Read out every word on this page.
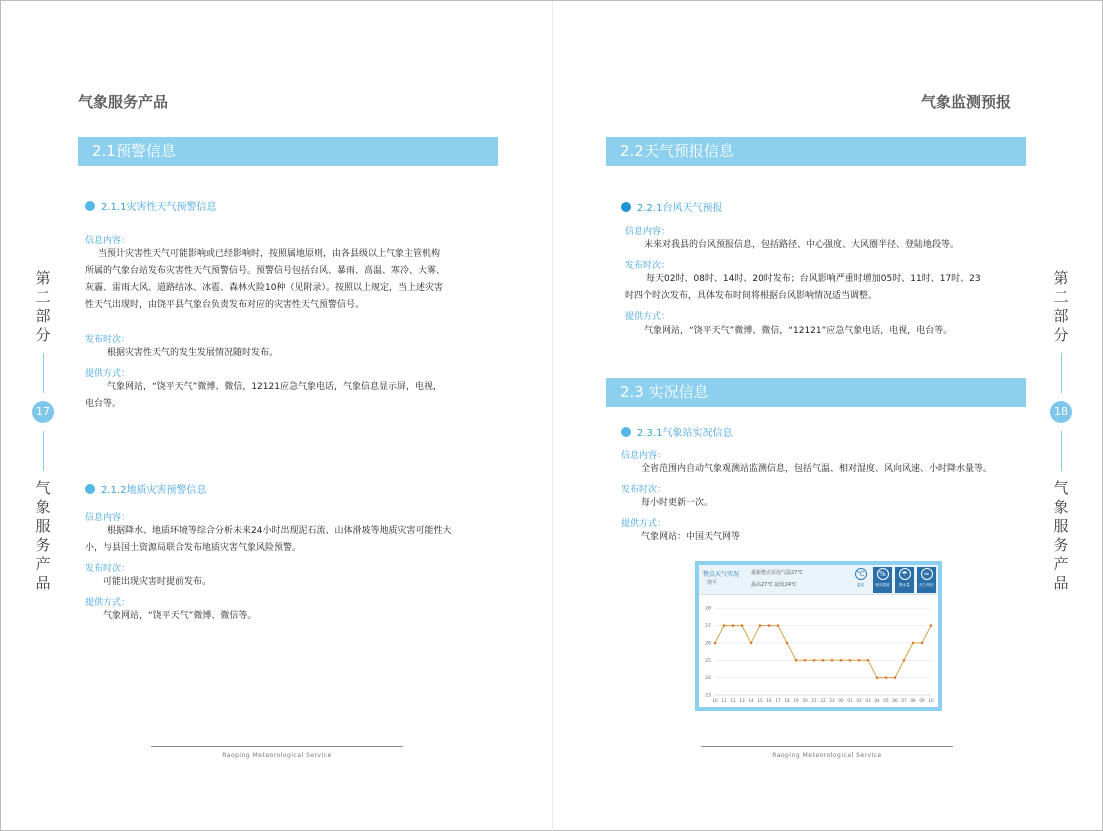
气象服务产品
2.1预警信息
2.1.1灾害性天气预警信息
信息内容：
当预计灾害性天气可能影响或已经影响时，按照属地原则，由各县级以上气象主管机构
所属的气象台站发布灾害性天气预警信号。预警信号包括台风、暴雨、高温、寒冷、大雾、
灰霾、雷雨大风、道路结冰、冰雹、森林火险10种（见附录）。按照以上规定，当上述灾害
性天气出现时，由饶平县气象台负责发布对应的灾害性天气预警信号。
发布时次：
根据灾害性天气的发生发展情况随时发布。
提供方式：
气象网站，“饶平天气”微博、微信，12121应急气象电话，气象信息显示屏，电视，
电台等。
2.1.2地质灾害预警信息
信息内容：
根据降水、地质环境等综合分析未来24小时出现泥石流、山体滑坡等地质灾害可能性大
小，与县国土资源局联合发布地质灾害气象风险预警。
发布时次：
可能出现灾害时提前发布。
提供方式：
气象网站，“饶平天气”微博、微信等。
第二部分
17
气象服务产品
Raoping Meteorological Service
气象监测预报
2.2天气预报信息
2.2.1台风天气预报
信息内容：
未来对我县的台风预报信息，包括路径、中心强度、大风圈半径、登陆地段等。
发布时次：
每天02时、08时、14时、20时发布；台风影响严重时增加05时、11时、17时、23
时四个时次发布，具体发布时间将根据台风影响情况适当调整。
提供方式：
气象网站，“饶平天气”微博、微信，“12121”应急气象电话，电视，电台等。
2.3 实况信息
2.3.1气象站实况信息
信息内容：
全省范围内自动气象观测站监测信息，包括气温、相对湿度、风向风速、小时降水量等。
发布时次：
每小时更新一次。
提供方式：
气象网站：中国天气网等
整点天气实况
饶平
最新整点实况气温27℃
最高27℃ 最低24℃
℃
温度
%
相对湿度
☂
降水量
≈
风力风向
23
24
25
26
27
28
10 11 12 13 14 15 16 17 18 19 20 21 22 23 00 01 02 03 04 05 06 07 08 09 10
第二部分
18
气象服务产品
Raoping Meteorological Service
